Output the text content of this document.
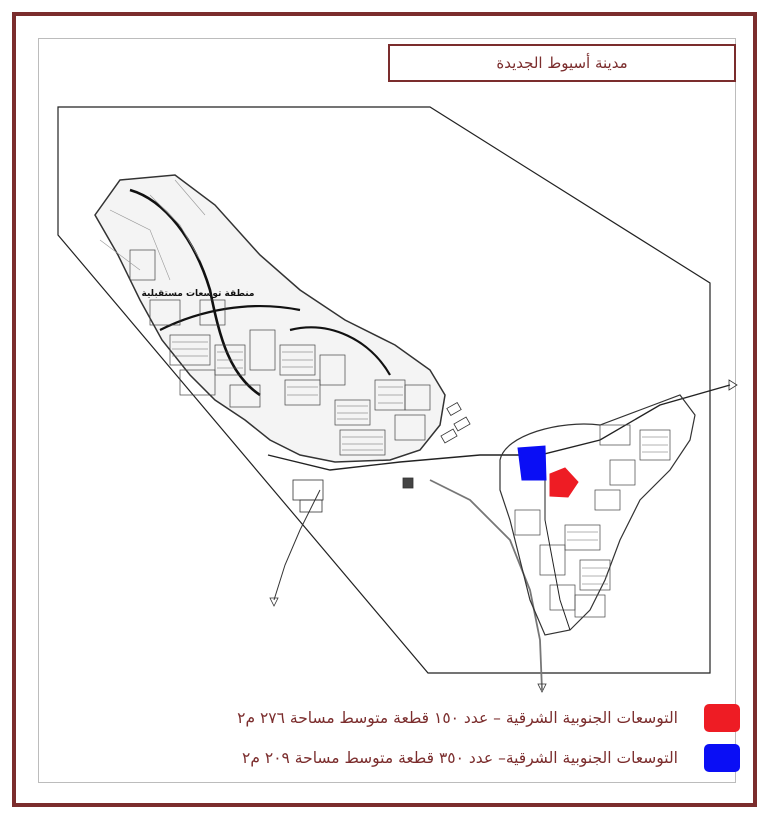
منطقة توسعات مستقبلية
مدينة أسيوط الجديدة
التوسعات الجنوبية الشرقية – عدد ١٥٠ قطعة متوسط مساحة ٢٧٦ م٢
التوسعات الجنوبية الشرقية– عدد ٣٥٠ قطعة متوسط مساحة ٢٠٩ م٢
